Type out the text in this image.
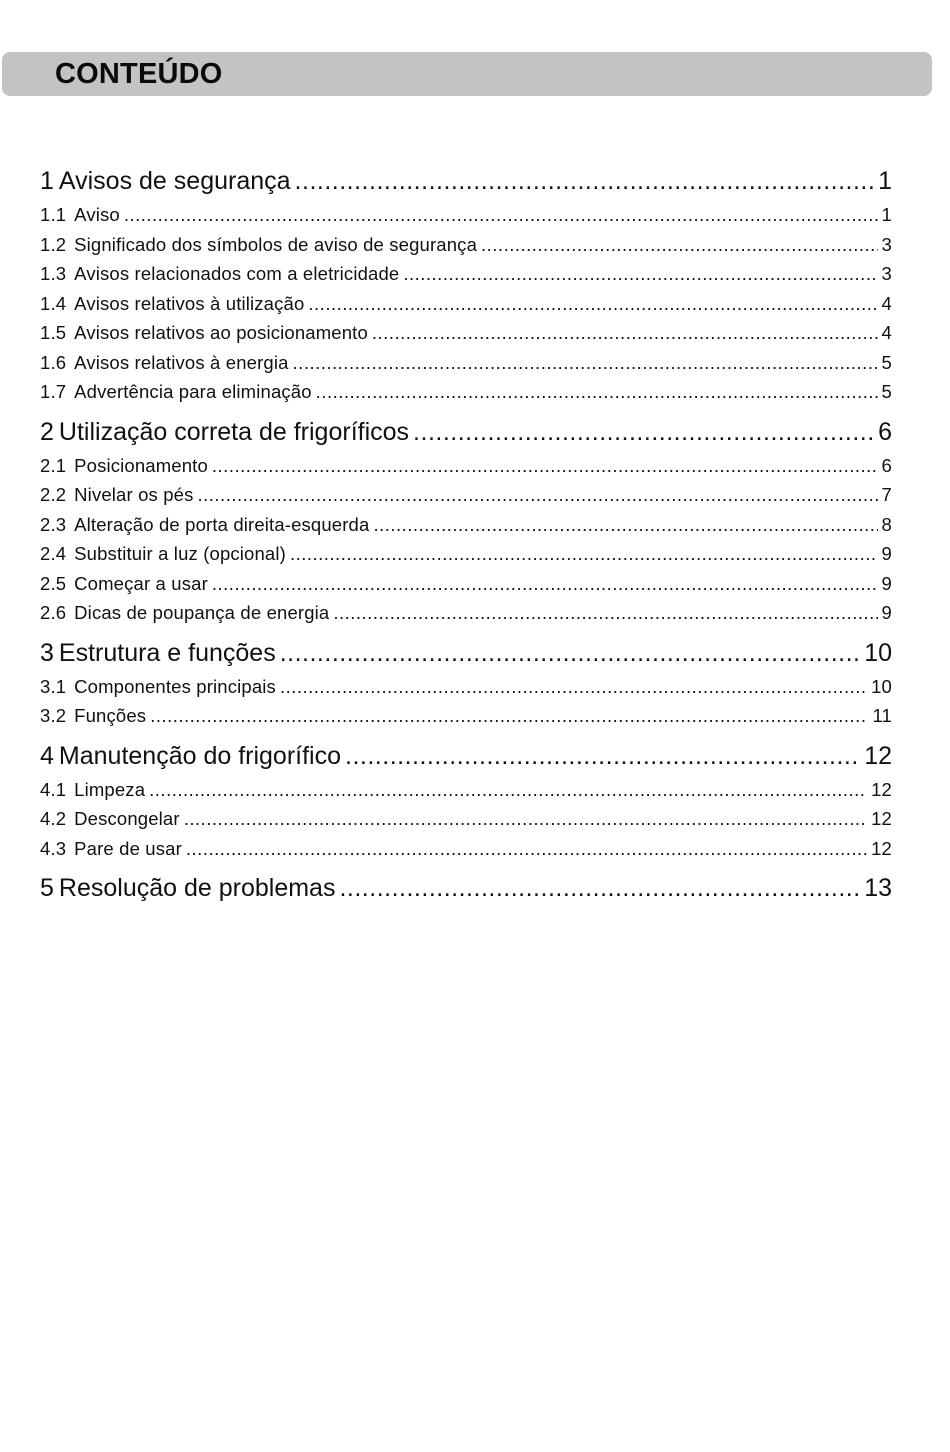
CONTEÚDO
1 Avisos de segurança .....	1
1.1 Aviso .....	1
1.2 Significado dos símbolos de aviso de segurança .....	3
1.3 Avisos relacionados com a eletricidade .....	3
1.4 Avisos relativos à utilização .....	4
1.5 Avisos relativos ao posicionamento .....	4
1.6 Avisos relativos à energia .....	5
1.7 Advertência para eliminação .....	5
2 Utilização correta de frigoríficos .....	6
2.1 Posicionamento .....	6
2.2 Nivelar os pés .....	7
2.3 Alteração de porta direita-esquerda .....	8
2.4 Substituir a luz (opcional) .....	9
2.5 Começar a usar .....	9
2.6 Dicas de poupança de energia .....	9
3 Estrutura e funções .....	10
3.1 Componentes principais .....	10
3.2 Funções .....	11
4 Manutenção do frigorífico .....	12
4.1 Limpeza .....	12
4.2 Descongelar .....	12
4.3 Pare de usar .....	12
5 Resolução de problemas .....	13
